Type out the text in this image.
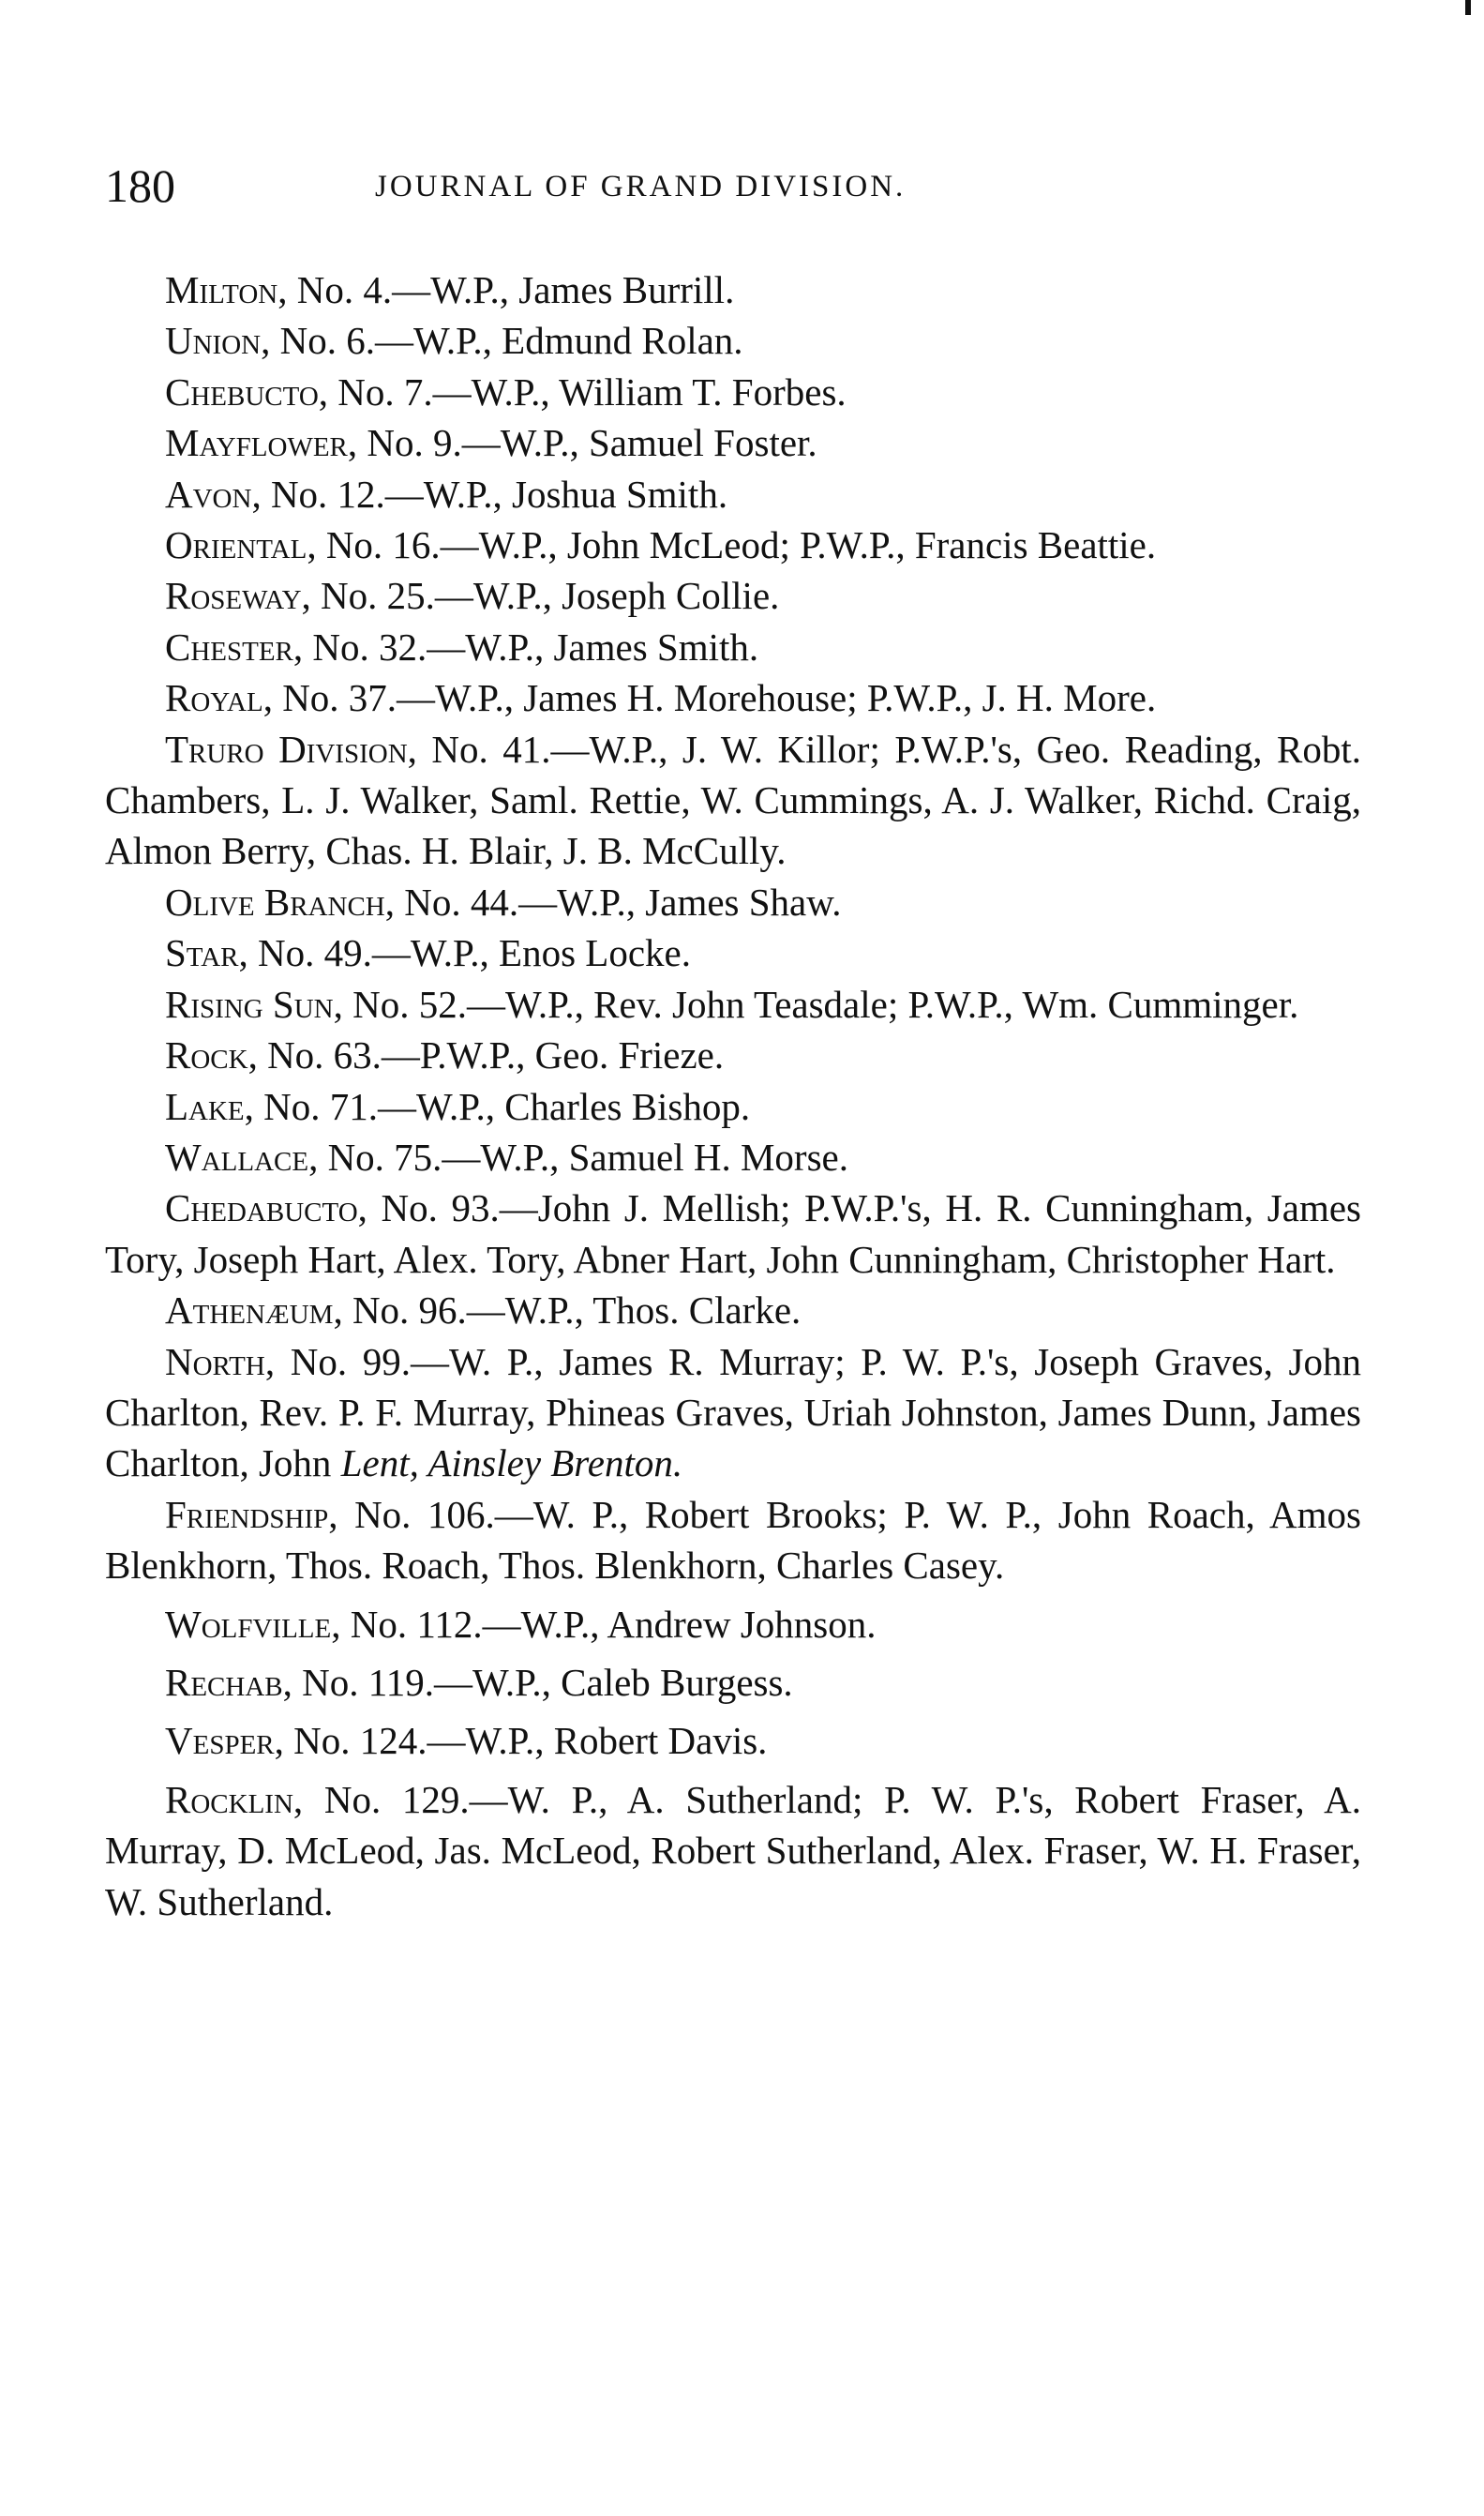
180	JOURNAL OF GRAND DIVISION.

Milton, No. 4.—W.P., James Burrill.

Union, No. 6.—W.P., Edmund Rolan.

Chebucto, No. 7.—W.P., William T. Forbes.

Mayflower, No. 9.—W.P., Samuel Foster.

Avon, No. 12.—W.P., Joshua Smith.

Oriental, No. 16.—W.P., John McLeod; P.W.P., Francis Beattie.

Roseway, No. 25.—W.P., Joseph Collie.

Chester, No. 32.—W.P., James Smith.

Royal, No. 37.—W.P., James H. Morehouse; P.W.P., J. H. More.

Truro Division, No. 41.—W.P., J. W. Killor; P.W.P.'s, Geo. Reading, Robt. Chambers, L. J. Walker, Saml. Rettie, W. Cummings, A. J. Walker, Richd. Craig, Almon Berry, Chas. H. Blair, J. B. McCully.

Olive Branch, No. 44.—W.P., James Shaw.

Star, No. 49.—W.P., Enos Locke.

Rising Sun, No. 52.—W.P., Rev. John Teasdale; P.W.P., Wm. Cumminger.

Rock, No. 63.—P.W.P., Geo. Frieze.

Lake, No. 71.—W.P., Charles Bishop.

Wallace, No. 75.—W.P., Samuel H. Morse.

Chedabucto, No. 93.—John J. Mellish; P.W.P.'s, H. R. Cunningham, James Tory, Joseph Hart, Alex. Tory, Abner Hart, John Cunningham, Christopher Hart.

Athenæum, No. 96.—W.P., Thos. Clarke.

North, No. 99.—W. P., James R. Murray; P. W. P.'s, Joseph Graves, John Charlton, Rev. P. F. Murray, Phineas Graves, Uriah Johnston, James Dunn, James Charlton, John Lent, Ainsley Brenton.

Friendship, No. 106.—W. P., Robert Brooks; P. W. P., John Roach, Amos Blenkhorn, Thos. Roach, Thos. Blenkhorn, Charles Casey.

Wolfville, No. 112.—W.P., Andrew Johnson.

Rechab, No. 119.—W.P., Caleb Burgess.

Vesper, No. 124.—W.P., Robert Davis.

Rocklin, No. 129.—W. P., A. Sutherland; P. W. P.'s, Robert Fraser, A. Murray, D. McLeod, Jas. McLeod, Robert Sutherland, Alex. Fraser, W. H. Fraser, W. Sutherland.
